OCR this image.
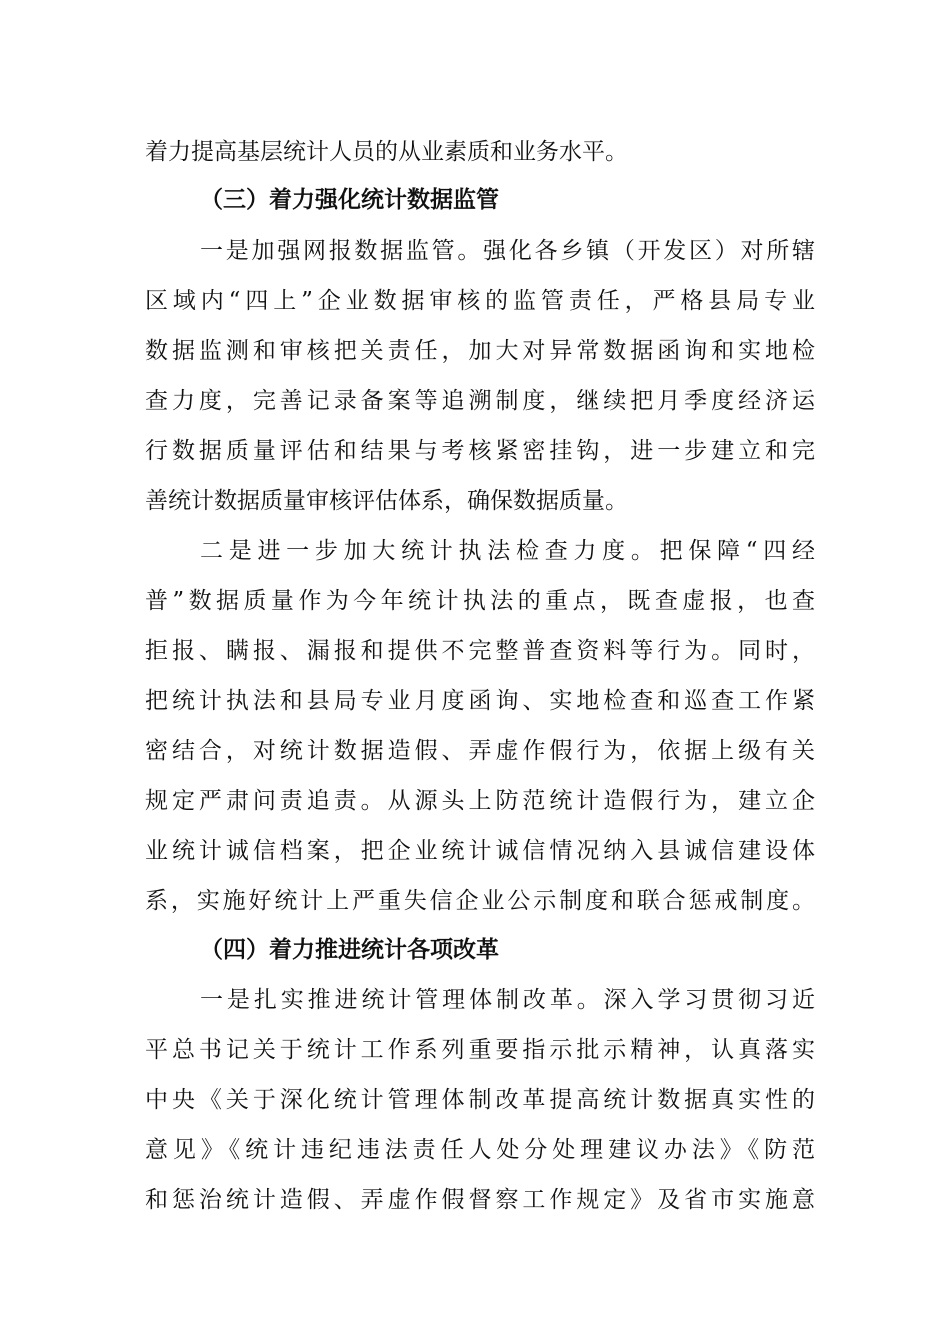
着力提高基层统计人员的从业素质和业务水平。
（三）着力强化统计数据监管
一是加强网报数据监管。强化各乡镇（开发区）对所辖
区域内“四上”企业数据审核的监管责任，严格县局专业
数据监测和审核把关责任，加大对异常数据函询和实地检
查力度，完善记录备案等追溯制度，继续把月季度经济运
行数据质量评估和结果与考核紧密挂钩，进一步建立和完
善统计数据质量审核评估体系，确保数据质量。
二是进一步加大统计执法检查力度。把保障“四经
普”数据质量作为今年统计执法的重点，既查虚报，也查
拒报、瞒报、漏报和提供不完整普查资料等行为。同时，
把统计执法和县局专业月度函询、实地检查和巡查工作紧
密结合，对统计数据造假、弄虚作假行为，依据上级有关
规定严肃问责追责。从源头上防范统计造假行为，建立企
业统计诚信档案，把企业统计诚信情况纳入县诚信建设体
系，实施好统计上严重失信企业公示制度和联合惩戒制度。
（四）着力推进统计各项改革
一是扎实推进统计管理体制改革。深入学习贯彻习近
平总书记关于统计工作系列重要指示批示精神，认真落实
中央《关于深化统计管理体制改革提高统计数据真实性的
意见》《统计违纪违法责任人处分处理建议办法》《防范
和惩治统计造假、弄虚作假督察工作规定》及省市实施意
